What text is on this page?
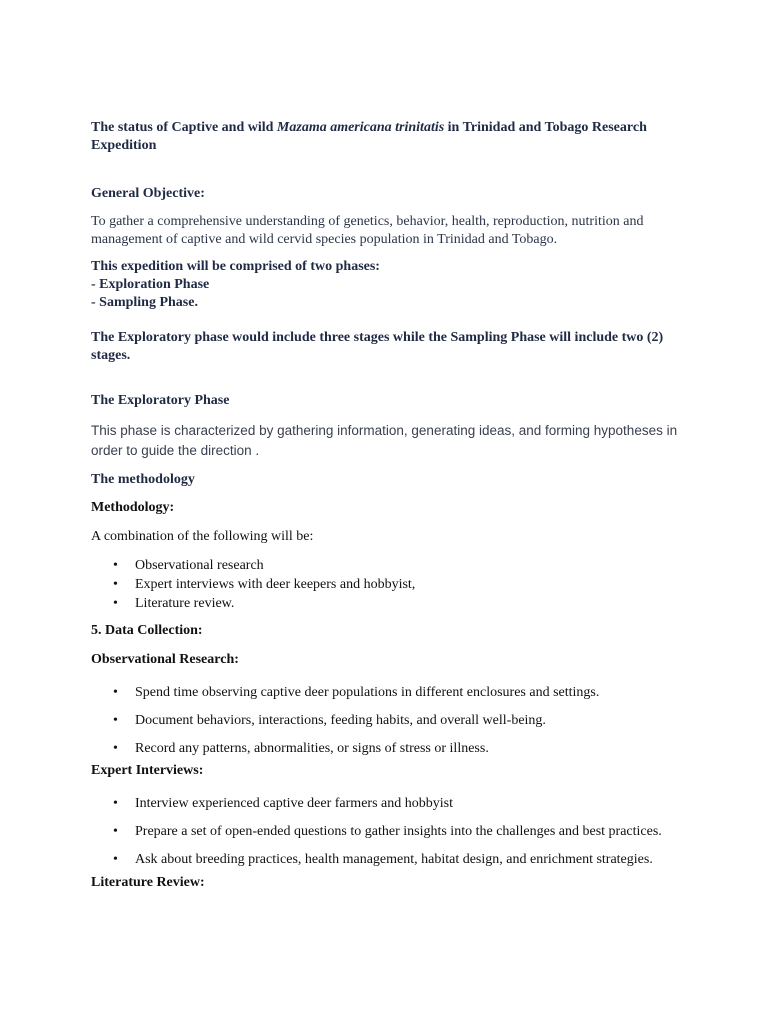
The status of Captive and wild Mazama americana trinitatis in Trinidad and Tobago Research Expedition

General Objective:

To gather a comprehensive understanding of genetics, behavior, health, reproduction, nutrition and management of captive and wild cervid species population in Trinidad and Tobago.

This expedition will be comprised of two phases:

- Exploration Phase

- Sampling Phase.

The Exploratory phase would include three stages while the Sampling Phase will include two (2) stages.

The Exploratory Phase

This phase is characterized by gathering information, generating ideas, and forming hypotheses in order to guide the direction .

The methodology

Methodology:

A combination of the following will be:

• Observational research
• Expert interviews with deer keepers and hobbyist,
• Literature review.

5. Data Collection:

Observational Research:

• Spend time observing captive deer populations in different enclosures and settings.
• Document behaviors, interactions, feeding habits, and overall well-being.
• Record any patterns, abnormalities, or signs of stress or illness.

Expert Interviews:

• Interview experienced captive deer farmers and hobbyist
• Prepare a set of open-ended questions to gather insights into the challenges and best practices.
• Ask about breeding practices, health management, habitat design, and enrichment strategies.

Literature Review:
